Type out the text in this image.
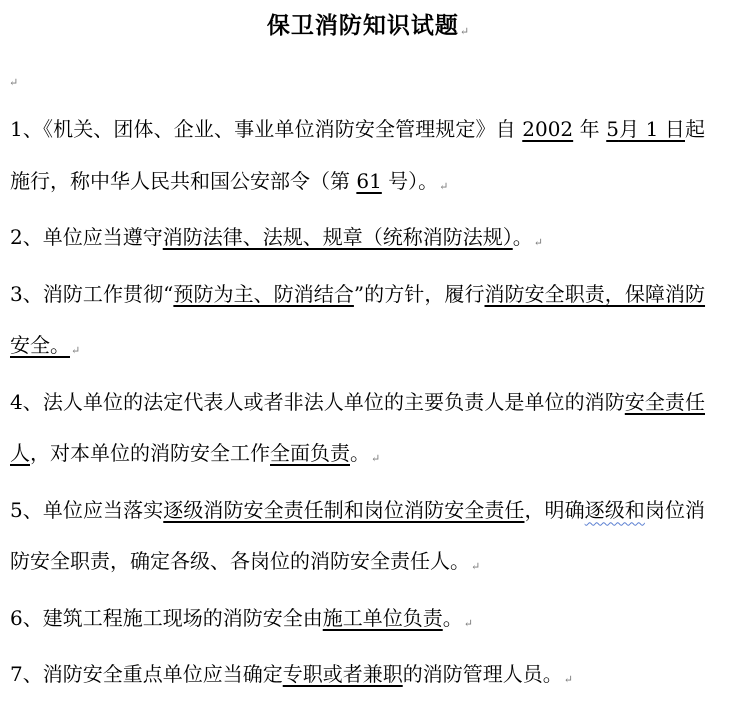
保卫消防知识试题↵
↵

1、《机关、团体、企业、事业单位消防安全管理规定》自 2002 年 5月 1 日起施行，称中华人民共和国公安部令（第 61 号）。↵

2、单位应当遵守消防法律、法规、规章（统称消防法规）。↵

3、消防工作贯彻“预防为主、防消结合”的方针，履行消防安全职责，保障消防安全。↵

4、法人单位的法定代表人或者非法人单位的主要负责人是单位的消防安全责任人，对本单位的消防安全工作全面负责。↵

5、单位应当落实逐级消防安全责任制和岗位消防安全责任，明确逐级和岗位消防安全职责，确定各级、各岗位的消防安全责任人。↵

6、建筑工程施工现场的消防安全由施工单位负责。↵

7、消防安全重点单位应当确定专职或者兼职的消防管理人员。↵
